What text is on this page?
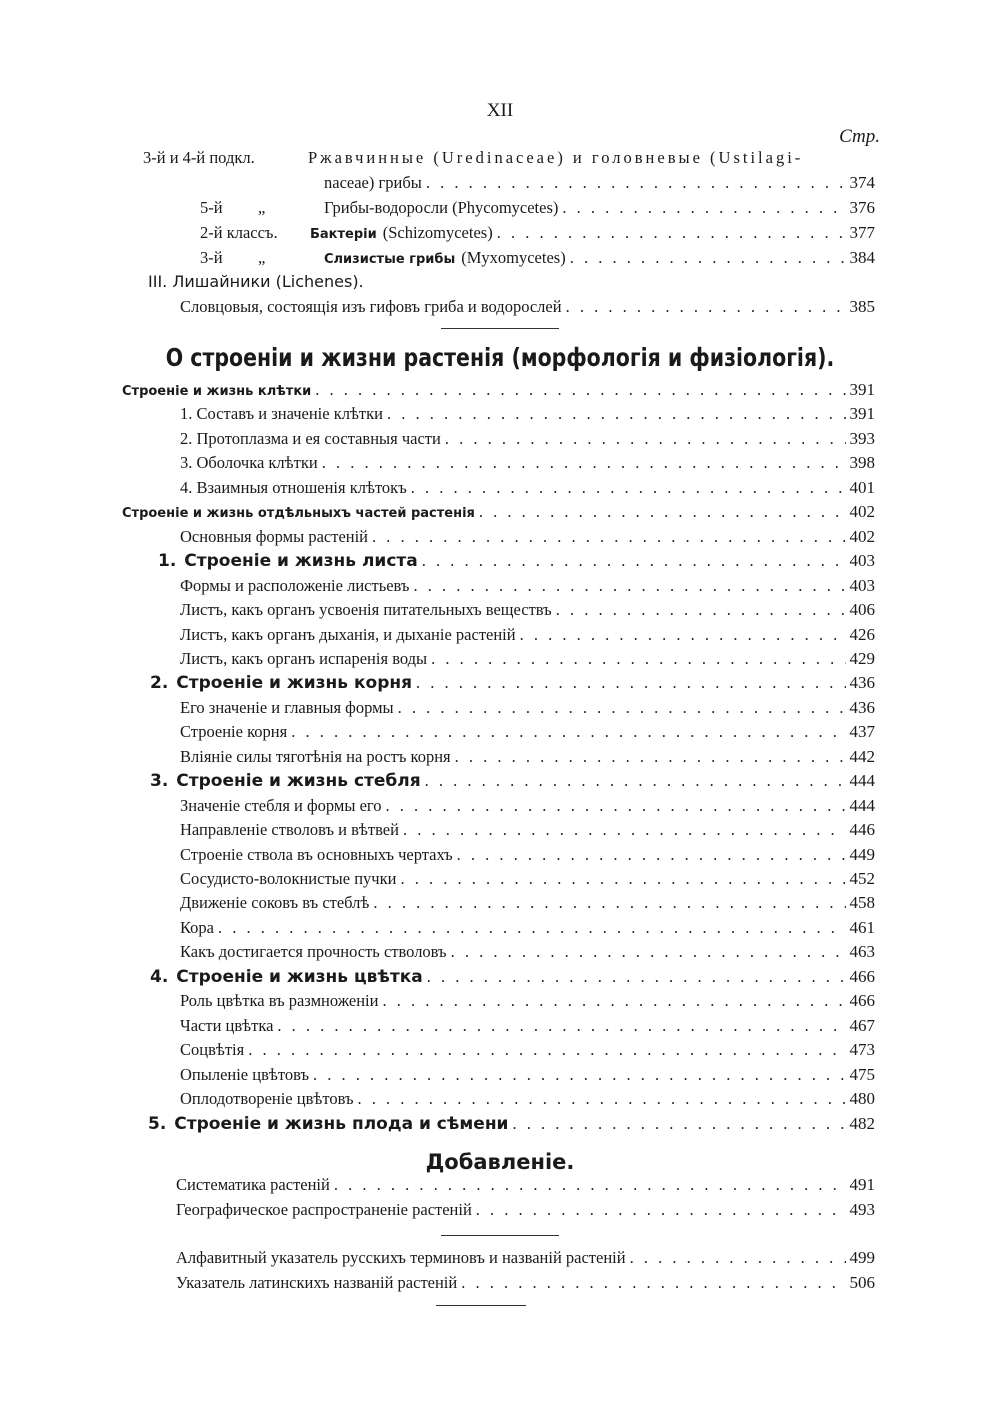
XII
Стр.
3-й и 4-й подкл.	Ржавчинные (Uredinaceae) и головневые (Ustilagi-
naceae) грибы . . .	374
5-й	„	Грибы-водоросли (Phycomycetes) . . .	376
2-й классъ.	Бактеріи (Schizomycetes) . . .	377
3-й	„	Слизистые грибы (Myxomycetes) . . .	384
III. Лишайники (Lichenes).
Словцовыя, состоящія изъ гифовъ гриба и водорослей . . .	385
О строеніи и жизни растенія (морфологія и физіологія).
Строеніе и жизнь клѣтки . . .	391
1. Составъ и значеніе клѣтки . . .	391
2. Протоплазма и ея составныя части . . .	393
3. Оболочка клѣтки . . .	398
4. Взаимныя отношенія клѣтокъ . . .	401
Строеніе и жизнь отдѣльныхъ частей растенія . . .	402
Основныя формы растеній . . .	402
1. Строеніе и жизнь листа . . .	403
Формы и расположеніе листьевъ . . .	403
Листъ, какъ органъ усвоенія питательныхъ веществъ . . .	406
Листъ, какъ органъ дыханія, и дыханіе растеній . . .	426
Листъ, какъ органъ испаренія воды . . .	429
2. Строеніе и жизнь корня . . .	436
Его значеніе и главныя формы . . .	436
Строеніе корня . . .	437
Вліяніе силы тяготѣнія на ростъ корня . . .	442
3. Строеніе и жизнь стебля . . .	444
Значеніе стебля и формы его . . .	444
Направленіе стволовъ и вѣтвей . . .	446
Строеніе ствола въ основныхъ чертахъ . . .	449
Сосудисто-волокнистые пучки . . .	452
Движеніе соковъ въ стеблѣ . . .	458
Кора . . .	461
Какъ достигается прочность стволовъ . . .	463
4. Строеніе и жизнь цвѣтка . . .	466
Роль цвѣтка въ размноженіи . . .	466
Части цвѣтка . . .	467
Соцвѣтія . . .	473
Опыленіе цвѣтовъ . . .	475
Оплодотвореніе цвѣтовъ . . .	480
5. Строеніе и жизнь плода и сѣмени . . .	482
Добавленіе.
Систематика растеній . . .	491
Географическое распространеніе растеній . . .	493
Алфавитный указатель русскихъ терминовъ и названій растеній . . .	499
Указатель латинскихъ названій растеній . . .	506
